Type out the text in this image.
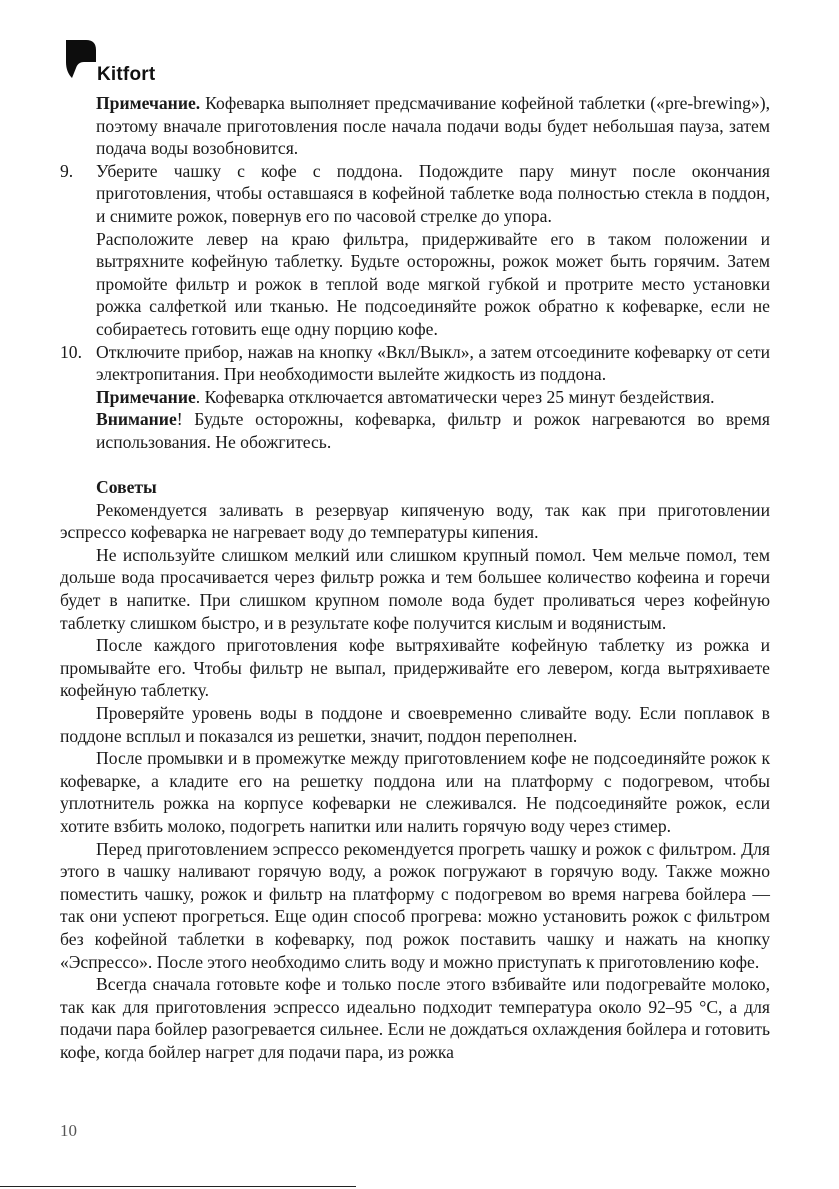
Kitfort

Примечание. Кофеварка выполняет предсмачивание кофейной таблетки («pre-brewing»), поэтому вначале приготовления после начала подачи воды будет небольшая пауза, затем подача воды возобновится.

9. Уберите чашку с кофе с поддона. Подождите пару минут после окончания приготовления, чтобы оставшаяся в кофейной таблетке вода полностью стекла в поддон, и снимите рожок, повернув его по часовой стрелке до упора.

Расположите левер на краю фильтра, придерживайте его в таком положении и вытряхните кофейную таблетку. Будьте осторожны, рожок может быть горячим. Затем промойте фильтр и рожок в теплой воде мягкой губкой и протрите место установки рожка салфеткой или тканью. Не подсоединяйте рожок обратно к кофеварке, если не собираетесь готовить еще одну порцию кофе.

10. Отключите прибор, нажав на кнопку «Вкл/Выкл», а затем отсоедините кофеварку от сети электропитания. При необходимости вылейте жидкость из поддона.

Примечание. Кофеварка отключается автоматически через 25 минут бездействия.

Внимание! Будьте осторожны, кофеварка, фильтр и рожок нагреваются во время использования. Не обожгитесь.

Советы

Рекомендуется заливать в резервуар кипяченую воду, так как при приготовлении эспрессо кофеварка не нагревает воду до температуры кипения.

Не используйте слишком мелкий или слишком крупный помол. Чем мельче помол, тем дольше вода просачивается через фильтр рожка и тем большее количество кофеина и горечи будет в напитке. При слишком крупном помоле вода будет проливаться через кофейную таблетку слишком быстро, и в результате кофе получится кислым и водянистым.

После каждого приготовления кофе вытряхивайте кофейную таблетку из рожка и промывайте его. Чтобы фильтр не выпал, придерживайте его левером, когда вытряхиваете кофейную таблетку.

Проверяйте уровень воды в поддоне и своевременно сливайте воду. Если поплавок в поддоне всплыл и показался из решетки, значит, поддон переполнен.

После промывки и в промежутке между приготовлением кофе не подсоединяйте рожок к кофеварке, а кладите его на решетку поддона или на платформу с подогревом, чтобы уплотнитель рожка на корпусе кофеварки не слеживался. Не подсоединяйте рожок, если хотите взбить молоко, подогреть напитки или налить горячую воду через стимер.

Перед приготовлением эспрессо рекомендуется прогреть чашку и рожок с фильтром. Для этого в чашку наливают горячую воду, а рожок погружают в горячую воду. Также можно поместить чашку, рожок и фильтр на платформу с подогревом во время нагрева бойлера — так они успеют прогреться. Еще один способ прогрева: можно установить рожок с фильтром без кофейной таблетки в кофеварку, под рожок поставить чашку и нажать на кнопку «Эспрессо». После этого необходимо слить воду и можно приступать к приготовлению кофе.

Всегда сначала готовьте кофе и только после этого взбивайте или подогревайте молоко, так как для приготовления эспрессо идеально подходит температура около 92–95 °C, а для подачи пара бойлер разогревается сильнее. Если не дождаться охлаждения бойлера и готовить кофе, когда бойлер нагрет для подачи пара, из рожка

10
